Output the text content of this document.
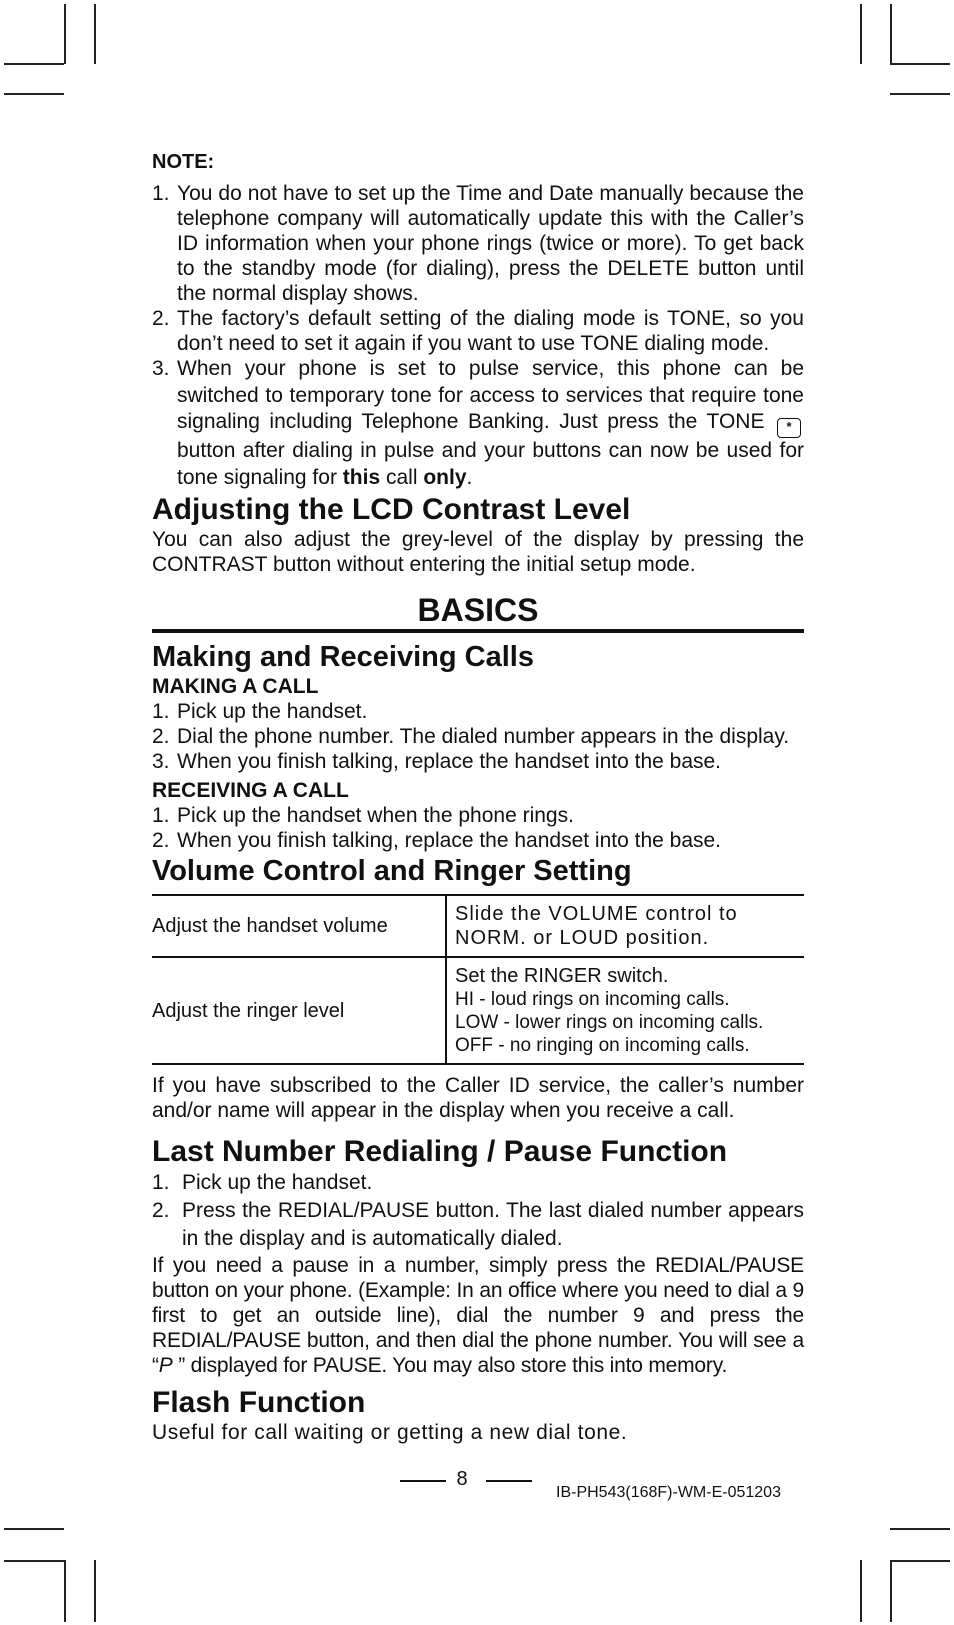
NOTE:
1. You do not have to set up the Time and Date manually because the telephone company will automatically update this with the Caller’s ID information when your phone rings (twice or more). To get back to the standby mode (for dialing), press the DELETE button until the normal display shows.
2. The factory’s default setting of the dialing mode is TONE, so you don’t need to set it again if you want to use TONE dialing mode.
3. When your phone is set to pulse service, this phone can be switched to temporary tone for access to services that require tone signaling including Telephone Banking. Just press the TONE * button after dialing in pulse and your buttons can now be used for tone signaling for this call only.
Adjusting the LCD Contrast Level

You can also adjust the grey-level of the display by pressing the CONTRAST button without entering the initial setup mode.

BASICS
Making and Receiving Calls
MAKING A CALL
1. Pick up the handset.
2. Dial the phone number. The dialed number appears in the display.
3. When you finish talking, replace the handset into the base.
RECEIVING A CALL
1. Pick up the handset when the phone rings.
2. When you finish talking, replace the handset into the base.
Volume Control and Ringer Setting
Adjust the handset volume	Slide the VOLUME control to NORM. or LOUD position.
Adjust the ringer level	Set the RINGER switch.
HI - loud rings on incoming calls.
LOW - lower rings on incoming calls.
OFF - no ringing on incoming calls.

If you have subscribed to the Caller ID service, the caller’s number and/or name will appear in the display when you receive a call.

Last Number Redialing / Pause Function
1. Pick up the handset.
2. Press the REDIAL/PAUSE button. The last dialed number appears in the display and is automatically dialed.

If you need a pause in a number, simply press the REDIAL/PAUSE button on your phone. (Example: In an office where you need to dial a 9 first to get an outside line), dial the number 9 and press the REDIAL/PAUSE button, and then dial the phone number. You will see a “P ” displayed for PAUSE. You may also store this into memory.

Flash Function

Useful for call waiting or getting a new dial tone.

8
IB-PH543(168F)-WM-E-051203
